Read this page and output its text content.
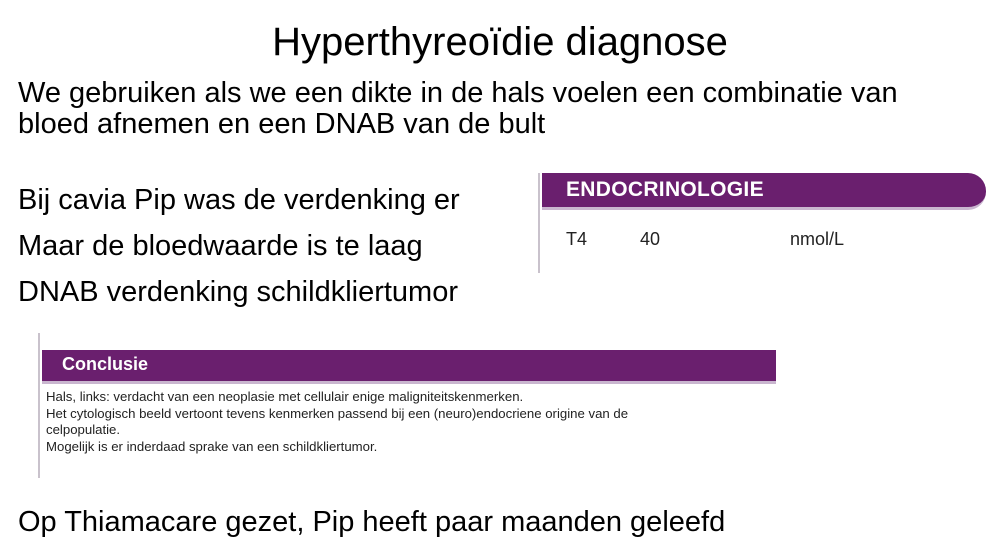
Hyperthyreoïdie diagnose
We gebruiken als we een dikte in de hals voelen een combinatie van
bloed afnemen en een DNAB van de bult
Bij cavia Pip was de verdenking er
Maar de bloedwaarde is te laag
DNAB verdenking schildkliertumor
ENDOCRINOLOGIE
T4	40	nmol/L
Conclusie
Hals, links: verdacht van een neoplasie met cellulair enige maligniteitskenmerken.
Het cytologisch beeld vertoont tevens kenmerken passend bij een (neuro)endocriene origine van de
celpopulatie.
Mogelijk is er inderdaad sprake van een schildkliertumor.
Op Thiamacare gezet, Pip heeft paar maanden geleefd
